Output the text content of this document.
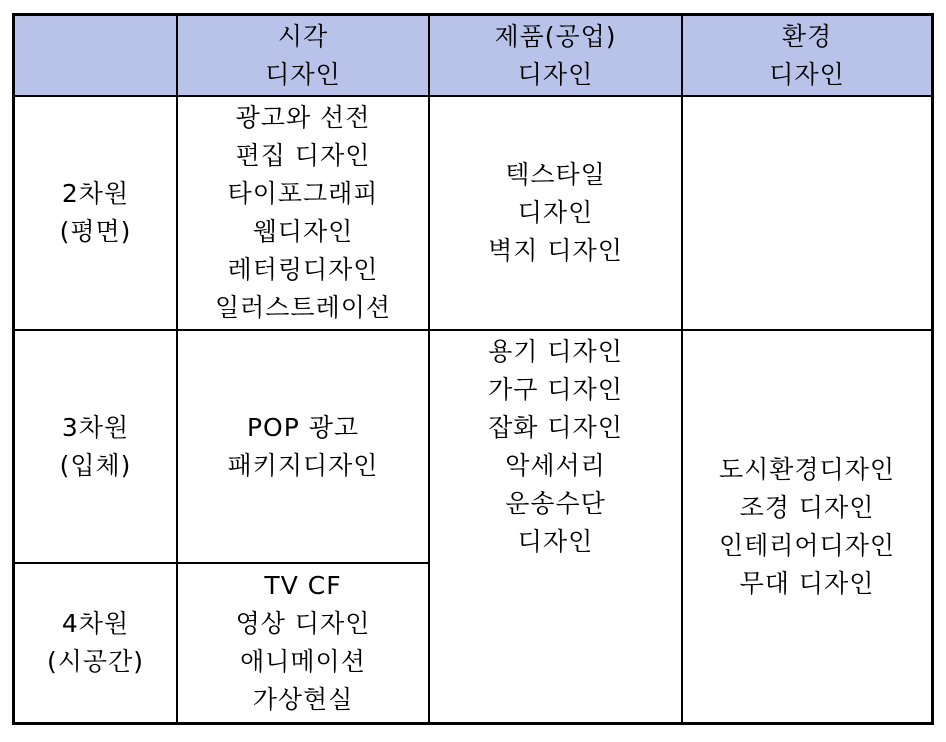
시각
디자인
제품(공업)
디자인
환경
디자인
2차원
(평면)
광고와 선전
편집 디자인
타이포그래피
웹디자인
레터링디자인
일러스트레이션
텍스타일
디자인
벽지 디자인
3차원
(입체)
POP 광고
패키지디자인
용기 디자인
가구 디자인
잡화 디자인
악세서리
운송수단
디자인
도시환경디자인
조경 디자인
인테리어디자인
무대 디자인
4차원
(시공간)
TV CF
영상 디자인
애니메이션
가상현실
